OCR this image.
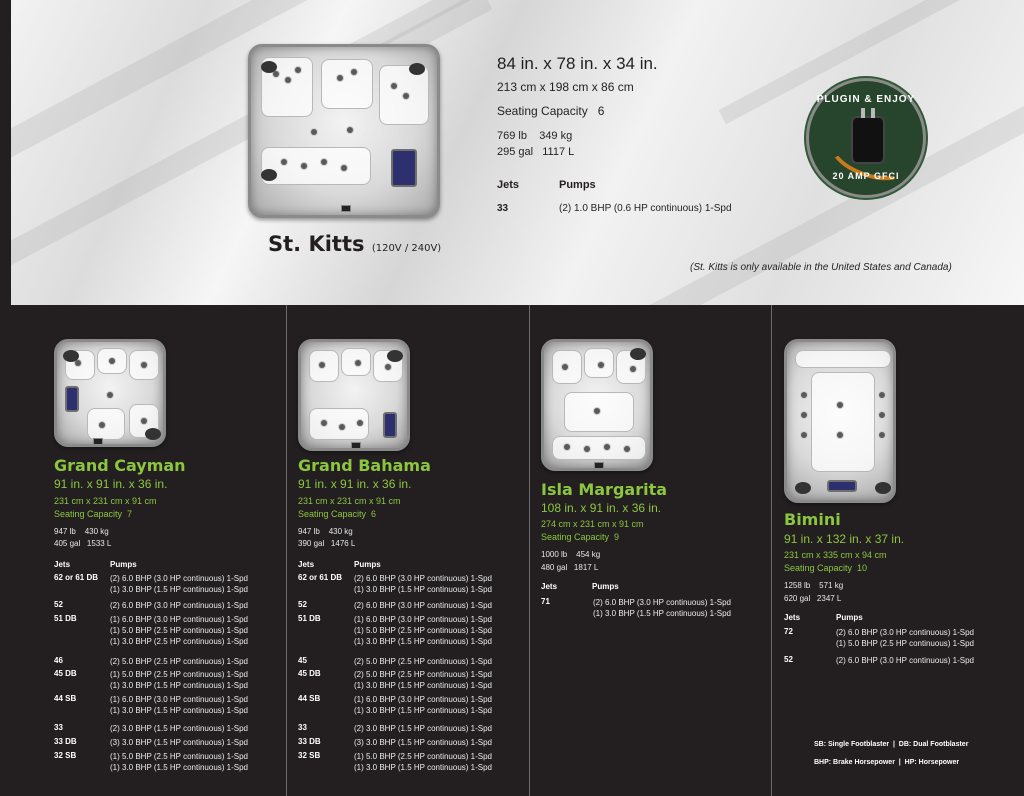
84 in. x 78 in. x 34 in.
213 cm x 198 cm x 86 cm
Seating Capacity   6
769 lb    349 kg
295 gal   1117 L
Jets	Pumps
33	(2) 1.0 BHP (0.6 HP continuous) 1-Spd
St. Kitts (120V / 240V)
(St. Kitts is only available in the United States and Canada)
PLUGIN & ENJOY
20 AMP GFCI
Grand Cayman
91 in. x 91 in. x 36 in.
231 cm x 231 cm x 91 cm
Seating Capacity  7
947 lb    430 kg
405 gal   1533 L
Jets	Pumps
62 or 61 DB (2) 6.0 BHP (3.0 HP continuous) 1-Spd
(1) 3.0 BHP (1.5 HP continuous) 1-Spd
52	(2) 6.0 BHP (3.0 HP continuous) 1-Spd
51 DB	(1) 6.0 BHP (3.0 HP continuous) 1-Spd
(1) 5.0 BHP (2.5 HP continuous) 1-Spd
(1) 3.0 BHP (2.5 HP continuous) 1-Spd
46	(2) 5.0 BHP (2.5 HP continuous) 1-Spd
45 DB	(1) 5.0 BHP (2.5 HP continuous) 1-Spd
(1) 3.0 BHP (1.5 HP continuous) 1-Spd
44 SB	(1) 6.0 BHP (3.0 HP continuous) 1-Spd
(1) 3.0 BHP (1.5 HP continuous) 1-Spd
33	(2) 3.0 BHP (1.5 HP continuous) 1-Spd
33 DB	(3) 3.0 BHP (1.5 HP continuous) 1-Spd
32 SB	(1) 5.0 BHP (2.5 HP continuous) 1-Spd
(1) 3.0 BHP (1.5 HP continuous) 1-Spd
Grand Bahama
91 in. x 91 in. x 36 in.
231 cm x 231 cm x 91 cm
Seating Capacity  6
947 lb    430 kg
390 gal   1476 L
Jets	Pumps
62 or 61 DB (2) 6.0 BHP (3.0 HP continuous) 1-Spd
(1) 3.0 BHP (1.5 HP continuous) 1-Spd
52	(2) 6.0 BHP (3.0 HP continuous) 1-Spd
51 DB	(1) 6.0 BHP (3.0 HP continuous) 1-Spd
(1) 5.0 BHP (2.5 HP continuous) 1-Spd
(1) 3.0 BHP (1.5 HP continuous) 1-Spd
45	(2) 5.0 BHP (2.5 HP continuous) 1-Spd
45 DB	(2) 5.0 BHP (2.5 HP continuous) 1-Spd
(1) 3.0 BHP (1.5 HP continuous) 1-Spd
44 SB	(1) 6.0 BHP (3.0 HP continuous) 1-Spd
(1) 3.0 BHP (1.5 HP continuous) 1-Spd
33	(2) 3.0 BHP (1.5 HP continuous) 1-Spd
33 DB	(3) 3.0 BHP (1.5 HP continuous) 1-Spd
32 SB	(1) 5.0 BHP (2.5 HP continuous) 1-Spd
(1) 3.0 BHP (1.5 HP continuous) 1-Spd
Isla Margarita
108 in. x 91 in. x 36 in.
274 cm x 231 cm x 91 cm
Seating Capacity  9
1000 lb    454 kg
480 gal   1817 L
Jets	Pumps
71	(2) 6.0 BHP (3.0 HP continuous) 1-Spd
(1) 3.0 BHP (1.5 HP continuous) 1-Spd
Bimini
91 in. x 132 in. x 37 in.
231 cm x 335 cm x 94 cm
Seating Capacity  10
1258 lb    571 kg
620 gal   2347 L
Jets	Pumps
72	(2) 6.0 BHP (3.0 HP continuous) 1-Spd
(1) 5.0 BHP (2.5 HP continuous) 1-Spd
52	(2) 6.0 BHP (3.0 HP continuous) 1-Spd
SB: Single Footblaster  |  DB: Dual Footblaster
BHP: Brake Horsepower  |  HP: Horsepower
